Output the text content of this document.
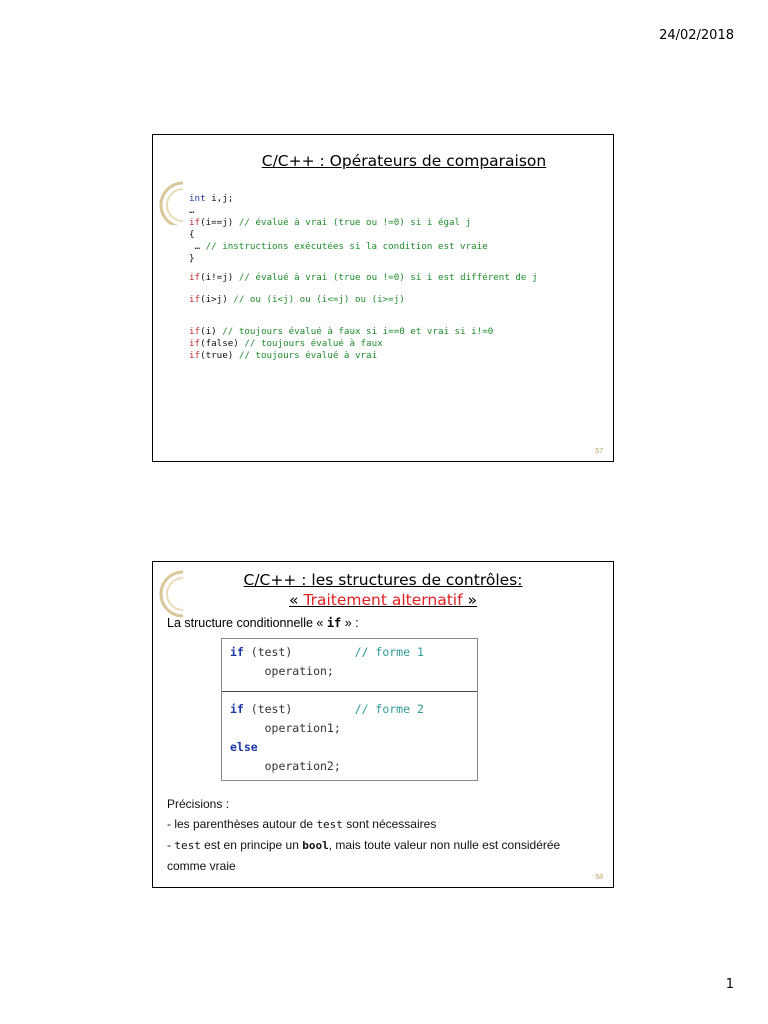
24/02/2018
C/C++ : Opérateurs de comparaison
int i,j;
…
if(i==j) // évalué à vrai (true ou !=0) si i égal j
{
… // instructions exécutées si la condition est vraie
}
if(i!=j) // évalué à vrai (true ou !=0) si i est différent de j
if(i>j) // ou (i<j) ou (i<=j) ou (i>=j)
if(i) // toujours évalué à faux si i==0 et vrai si i!=0
if(false) // toujours évalué à faux
if(true) // toujours évalué à vrai
57
C/C++ : les structures de contrôles:
« Traitement alternatif »
La structure conditionnelle « if » :
if (test)	// forme 1
operation;
if (test)	// forme 2
operation1;
else
operation2;
Précisions :
- les parenthèses autour de test sont nécessaires
- test est en principe un bool, mais toute valeur non nulle est considérée
comme vraie
58
1
